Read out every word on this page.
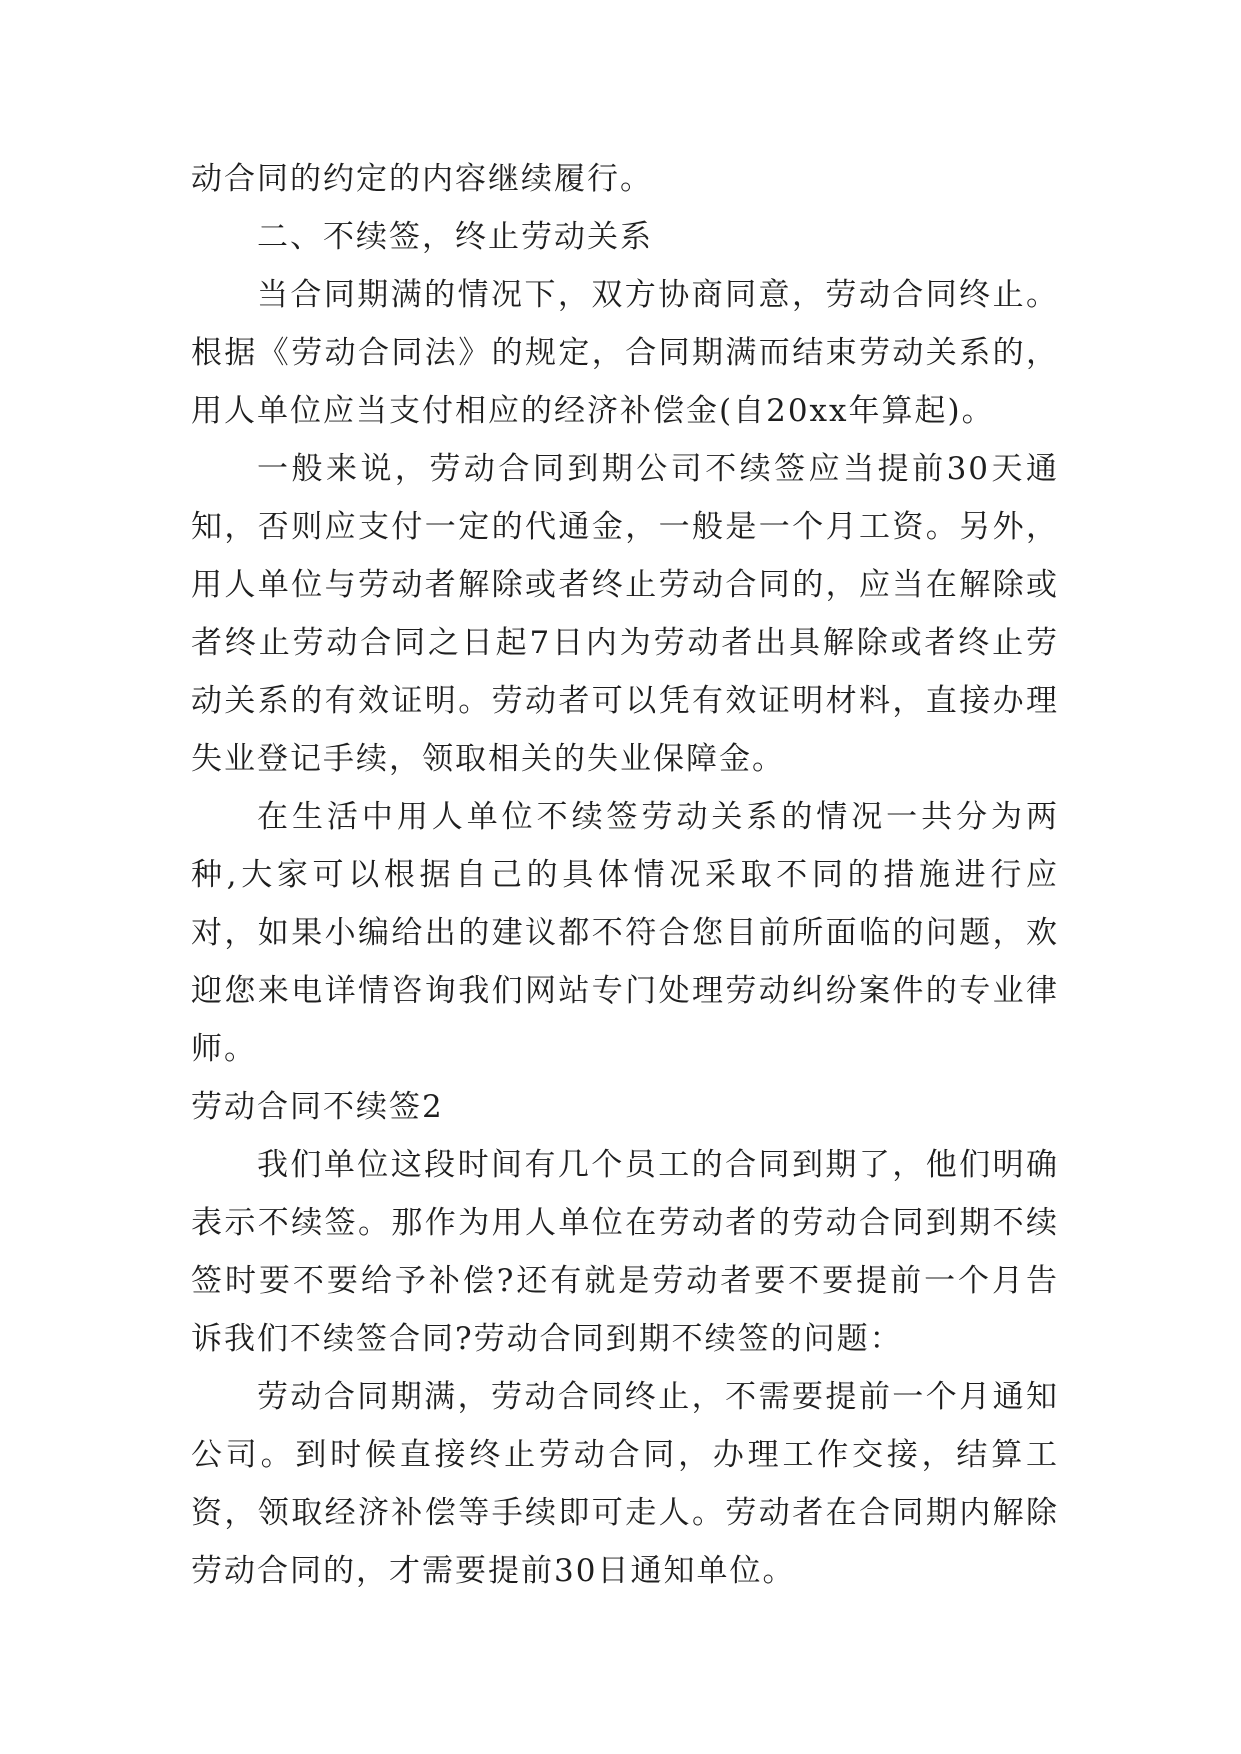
动合同的约定的内容继续履行。

二、不续签，终止劳动关系

当合同期满的情况下，双方协商同意，劳动合同终止。根据《劳动合同法》的规定，合同期满而结束劳动关系的，用人单位应当支付相应的经济补偿金(自20xx年算起)。

一般来说，劳动合同到期公司不续签应当提前30天通知，否则应支付一定的代通金，一般是一个月工资。另外，用人单位与劳动者解除或者终止劳动合同的，应当在解除或者终止劳动合同之日起7日内为劳动者出具解除或者终止劳动关系的有效证明。劳动者可以凭有效证明材料，直接办理失业登记手续，领取相关的失业保障金。

在生活中用人单位不续签劳动关系的情况一共分为两种,大家可以根据自己的具体情况采取不同的措施进行应对，如果小编给出的建议都不符合您目前所面临的问题，欢迎您来电详情咨询我们网站专门处理劳动纠纷案件的专业律师。

劳动合同不续签2

我们单位这段时间有几个员工的合同到期了，他们明确表示不续签。那作为用人单位在劳动者的劳动合同到期不续签时要不要给予补偿?还有就是劳动者要不要提前一个月告诉我们不续签合同?劳动合同到期不续签的问题：

劳动合同期满，劳动合同终止，不需要提前一个月通知公司。到时候直接终止劳动合同，办理工作交接，结算工资，领取经济补偿等手续即可走人。劳动者在合同期内解除劳动合同的，才需要提前30日通知单位。
